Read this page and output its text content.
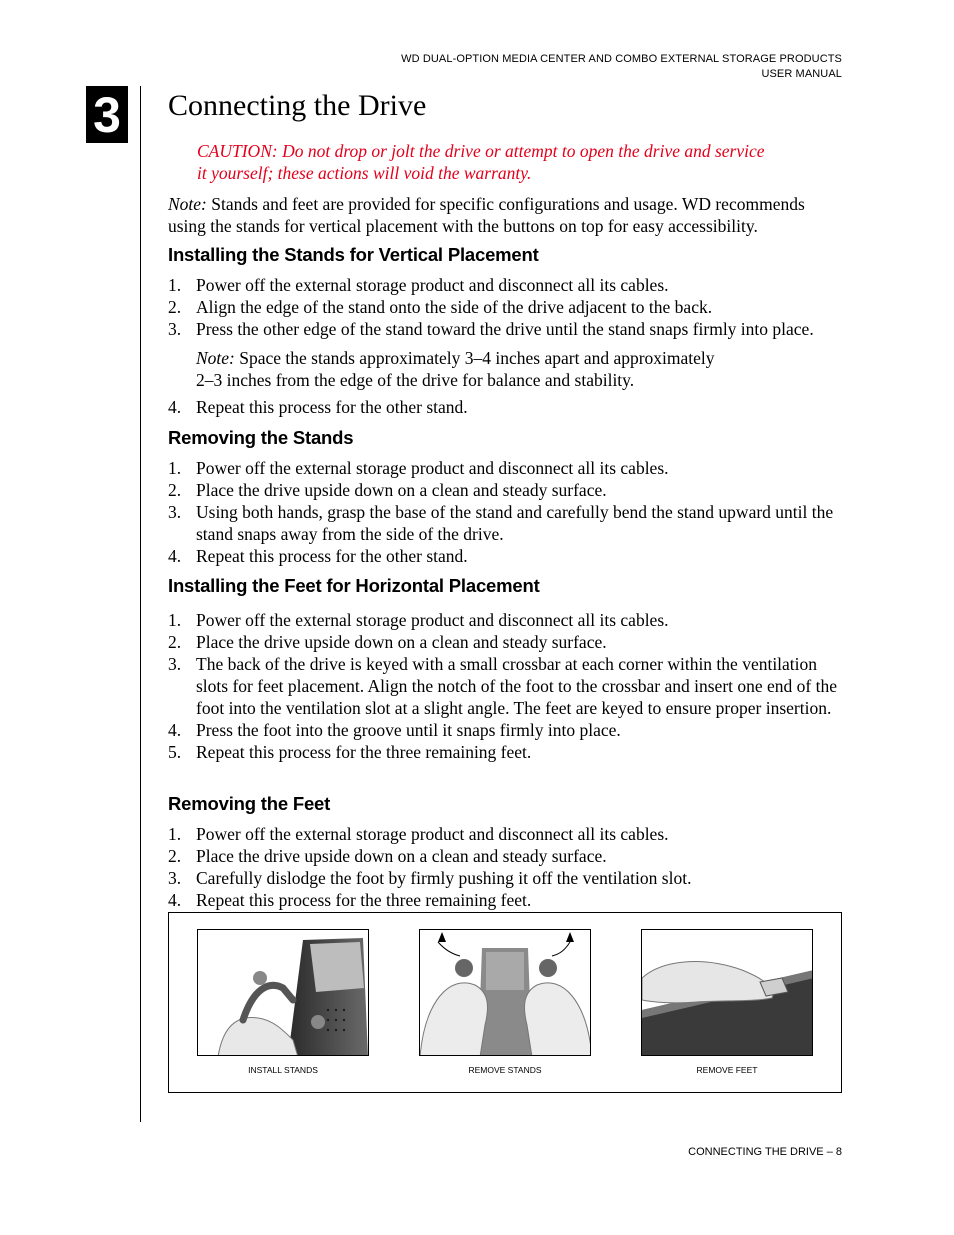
WD DUAL-OPTION MEDIA CENTER AND COMBO EXTERNAL STORAGE PRODUCTS
USER MANUAL
3 Connecting the Drive
CAUTION: Do not drop or jolt the drive or attempt to open the drive and service
it yourself; these actions will void the warranty.
Note: Stands and feet are provided for specific configurations and usage. WD recommends
using the stands for vertical placement with the buttons on top for easy accessibility.
Installing the Stands for Vertical Placement
1. Power off the external storage product and disconnect all its cables.
2. Align the edge of the stand onto the side of the drive adjacent to the back.
3. Press the other edge of the stand toward the drive until the stand snaps firmly into place.
Note: Space the stands approximately 3–4 inches apart and approximately
2–3 inches from the edge of the drive for balance and stability.
4. Repeat this process for the other stand.
Removing the Stands
1. Power off the external storage product and disconnect all its cables.
2. Place the drive upside down on a clean and steady surface.
3. Using both hands, grasp the base of the stand and carefully bend the stand upward until the stand snaps away from the side of the drive.
4. Repeat this process for the other stand.
Installing the Feet for Horizontal Placement
1. Power off the external storage product and disconnect all its cables.
2. Place the drive upside down on a clean and steady surface.
3. The back of the drive is keyed with a small crossbar at each corner within the ventilation slots for feet placement. Align the notch of the foot to the crossbar and insert one end of the foot into the ventilation slot at a slight angle. The feet are keyed to ensure proper insertion.
4. Press the foot into the groove until it snaps firmly into place.
5. Repeat this process for the three remaining feet.
Removing the Feet
1. Power off the external storage product and disconnect all its cables.
2. Place the drive upside down on a clean and steady surface.
3. Carefully dislodge the foot by firmly pushing it off the ventilation slot.
4. Repeat this process for the three remaining feet.
INSTALL STANDS	REMOVE STANDS	REMOVE FEET
CONNECTING THE DRIVE – 8
